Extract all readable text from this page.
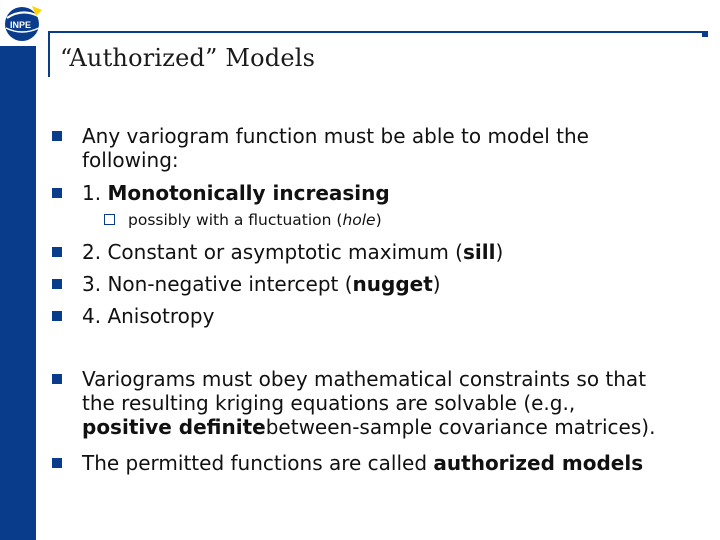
INPE
“Authorized” Models
Any variogram function must be able to model the
following:
1. Monotonically increasing
possibly with a fluctuation (hole)
2. Constant or asymptotic maximum (sill)
3. Non-negative intercept (nugget)
4. Anisotropy
Variograms must obey mathematical constraints so that
the resulting kriging equations are solvable (e.g.,
positive definitebetween-sample covariance matrices).
The permitted functions are called authorized models
